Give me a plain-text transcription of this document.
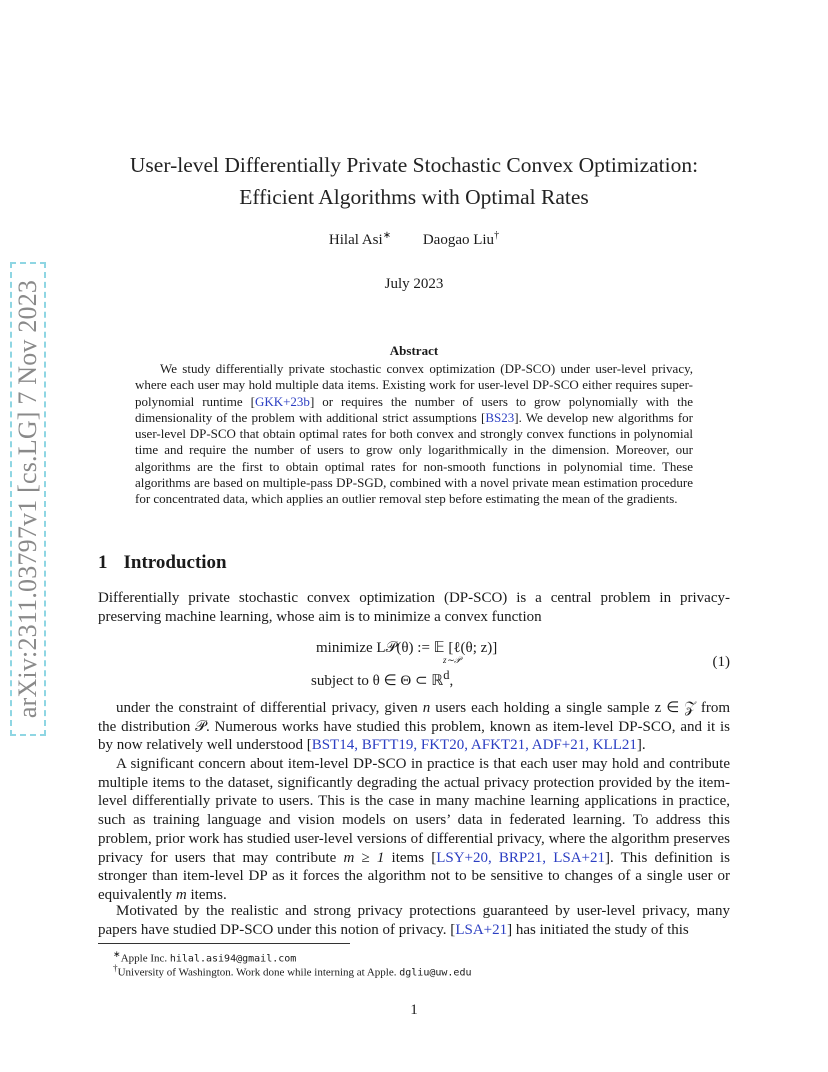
arXiv:2311.03797v1 [cs.LG] 7 Nov 2023
User-level Differentially Private Stochastic Convex Optimization:
Efficient Algorithms with Optimal Rates
Hilal Asi∗ Daogao Liu†
July 2023
Abstract
We study differentially private stochastic convex optimization (DP-SCO) under user-level privacy, where each user may hold multiple data items. Existing work for user-level DP-SCO either requires super-polynomial runtime [GKK+23b] or requires the number of users to grow polynomially with the dimensionality of the problem with additional strict assumptions [BS23]. We develop new algorithms for user-level DP-SCO that obtain optimal rates for both convex and strongly convex functions in polynomial time and require the number of users to grow only logarithmically in the dimension. Moreover, our algorithms are the first to obtain optimal rates for non-smooth functions in polynomial time. These algorithms are based on multiple-pass DP-SGD, combined with a novel private mean estimation procedure for concentrated data, which applies an outlier removal step before estimating the mean of the gradients.
1 Introduction

Differentially private stochastic convex optimization (DP-SCO) is a central problem in privacy-preserving machine learning, whose aim is to minimize a convex function

minimize L𝒫(θ) := 𝔼 [ℓ(θ; z)]
z∼𝒫
subject to θ ∈ Θ ⊂ ℝ$^d$,
(1)

under the constraint of differential privacy, given n users each holding a single sample z ∈ 𝒵 from the distribution 𝒫. Numerous works have studied this problem, known as item-level DP-SCO, and it is by now relatively well understood [BST14, BFTT19, FKT20, AFKT21, ADF+21, KLL21].

A significant concern about item-level DP-SCO in practice is that each user may hold and contribute multiple items to the dataset, significantly degrading the actual privacy protection provided by the item-level differentially private to users. This is the case in many machine learning applications in practice, such as training language and vision models on users’ data in federated learning. To address this problem, prior work has studied user-level versions of differential privacy, where the algorithm preserves privacy for users that may contribute m ≥ 1 items [LSY+20, BRP21, LSA+21]. This definition is stronger than item-level DP as it forces the algorithm not to be sensitive to changes of a single user or equivalently m items.

Motivated by the realistic and strong privacy protections guaranteed by user-level privacy, many papers have studied DP-SCO under this notion of privacy. [LSA+21] has initiated the study of this

∗Apple Inc. hilal.asi94@gmail.com
†University of Washington. Work done while interning at Apple. dgliu@uw.edu
1
